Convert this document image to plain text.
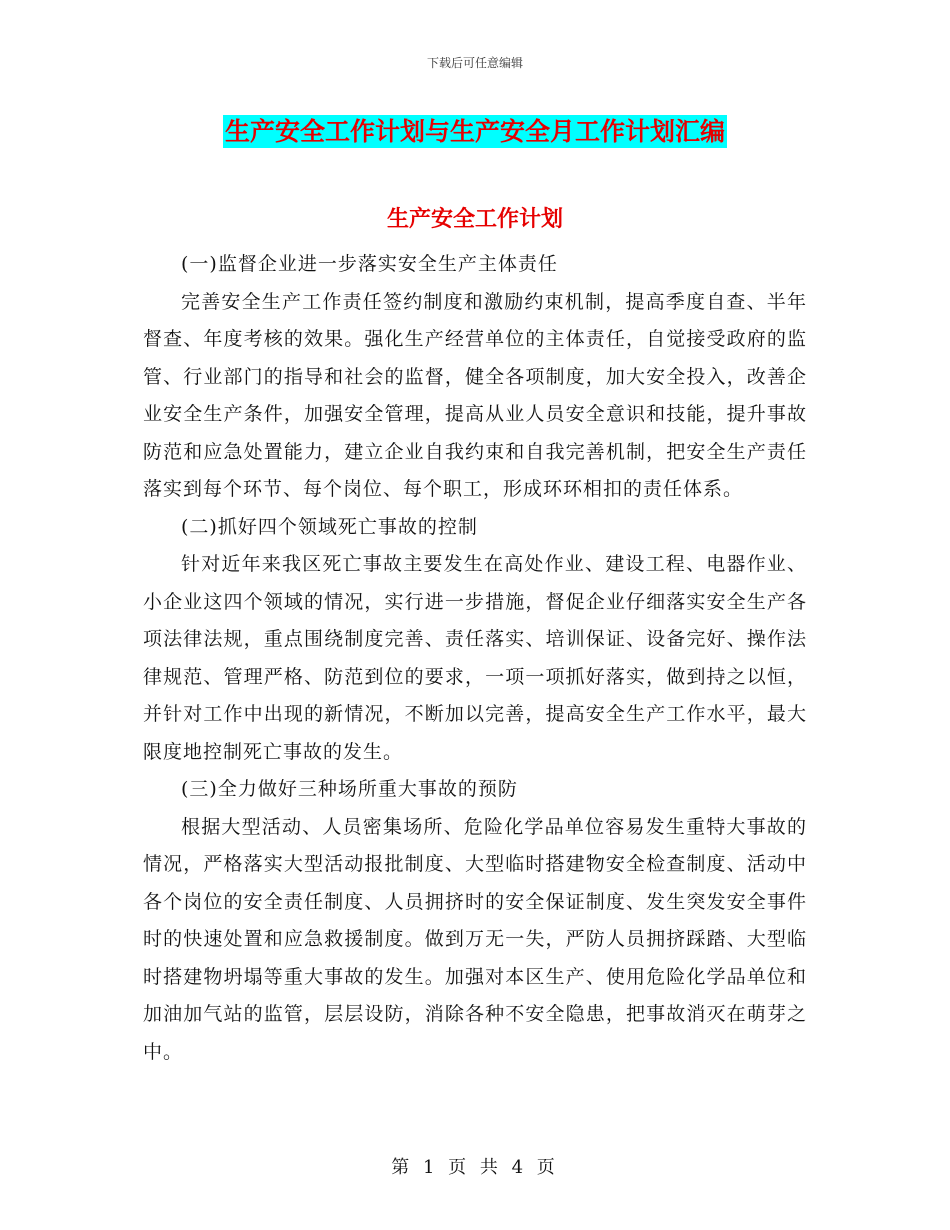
下载后可任意编辑
生产安全工作计划与生产安全月工作计划汇编
生产安全工作计划

(一)监督企业进一步落实安全生产主体责任

完善安全生产工作责任签约制度和激励约束机制，提高季度自查、半年督查、年度考核的效果。强化生产经营单位的主体责任，自觉接受政府的监管、行业部门的指导和社会的监督，健全各项制度，加大安全投入，改善企业安全生产条件，加强安全管理，提高从业人员安全意识和技能，提升事故防范和应急处置能力，建立企业自我约束和自我完善机制，把安全生产责任落实到每个环节、每个岗位、每个职工，形成环环相扣的责任体系。

(二)抓好四个领域死亡事故的控制

针对近年来我区死亡事故主要发生在高处作业、建设工程、电器作业、小企业这四个领域的情况，实行进一步措施，督促企业仔细落实安全生产各项法律法规，重点围绕制度完善、责任落实、培训保证、设备完好、操作法律规范、管理严格、防范到位的要求，一项一项抓好落实，做到持之以恒，并针对工作中出现的新情况，不断加以完善，提高安全生产工作水平，最大限度地控制死亡事故的发生。

(三)全力做好三种场所重大事故的预防

根据大型活动、人员密集场所、危险化学品单位容易发生重特大事故的情况，严格落实大型活动报批制度、大型临时搭建物安全检查制度、活动中各个岗位的安全责任制度、人员拥挤时的安全保证制度、发生突发安全事件时的快速处置和应急救援制度。做到万无一失，严防人员拥挤踩踏、大型临时搭建物坍塌等重大事故的发生。加强对本区生产、使用危险化学品单位和加油加气站的监管，层层设防，消除各种不安全隐患，把事故消灭在萌芽之中。

第 1 页 共 4 页
